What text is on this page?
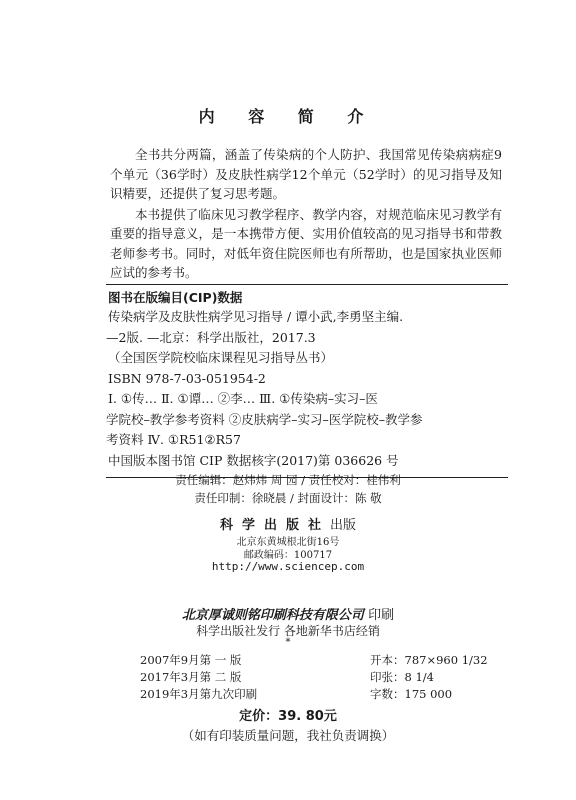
内 容 简 介

全书共分两篇，涵盖了传染病的个人防护、我国常见传染病病症9个单元（36学时）及皮肤性病学12个单元（52学时）的见习指导及知识精要，还提供了复习思考题。

本书提供了临床见习教学程序、教学内容，对规范临床见习教学有重要的指导意义，是一本携带方便、实用价值较高的见习指导书和带教老师参考书。同时，对低年资住院医师也有所帮助，也是国家执业医师应试的参考书。

图书在版编目(CIP)数据
传染病学及皮肤性病学见习指导 / 谭小武,李勇坚主编.
—2版. —北京：科学出版社，2017.3
（全国医学院校临床课程见习指导丛书）
ISBN 978-7-03-051954-2
Ⅰ. ①传… Ⅱ. ①谭… ②李… Ⅲ. ①传染病–实习–医
学院校–教学参考资料 ②皮肤病学–实习–医学院校–教学参
考资料 Ⅳ. ①R51②R57
中国版本图书馆 CIP 数据核字(2017)第 036626 号
责任编辑：赵炜炜 周 园 / 责任校对：桂伟利
责任印制：徐晓晨 / 封面设计：陈 敬
科学出版社出版
北京东黄城根北街16号
邮政编码：100717
http://www.sciencep.com
北京厚诚则铭印刷科技有限公司 印刷
科学出版社发行 各地新华书店经销
*
2007年9月第 一 版	开本：787×960 1/32
2017年3月第 二 版	印张：8 1/4
2019年3月第九次印刷	字数：175 000
定价：39. 80元
（如有印装质量问题，我社负责调换）
